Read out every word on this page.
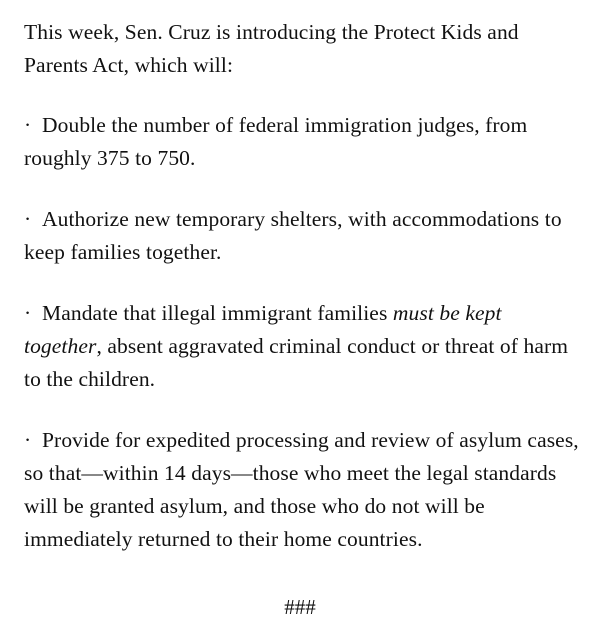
This week, Sen. Cruz is introducing the Protect Kids and Parents Act, which will:

· Double the number of federal immigration judges, from roughly 375 to 750.

· Authorize new temporary shelters, with accommodations to keep families together.

· Mandate that illegal immigrant families must be kept together, absent aggravated criminal conduct or threat of harm to the children.

· Provide for expedited processing and review of asylum cases, so that—within 14 days—those who meet the legal standards will be granted asylum, and those who do not will be immediately returned to their home countries.

###
